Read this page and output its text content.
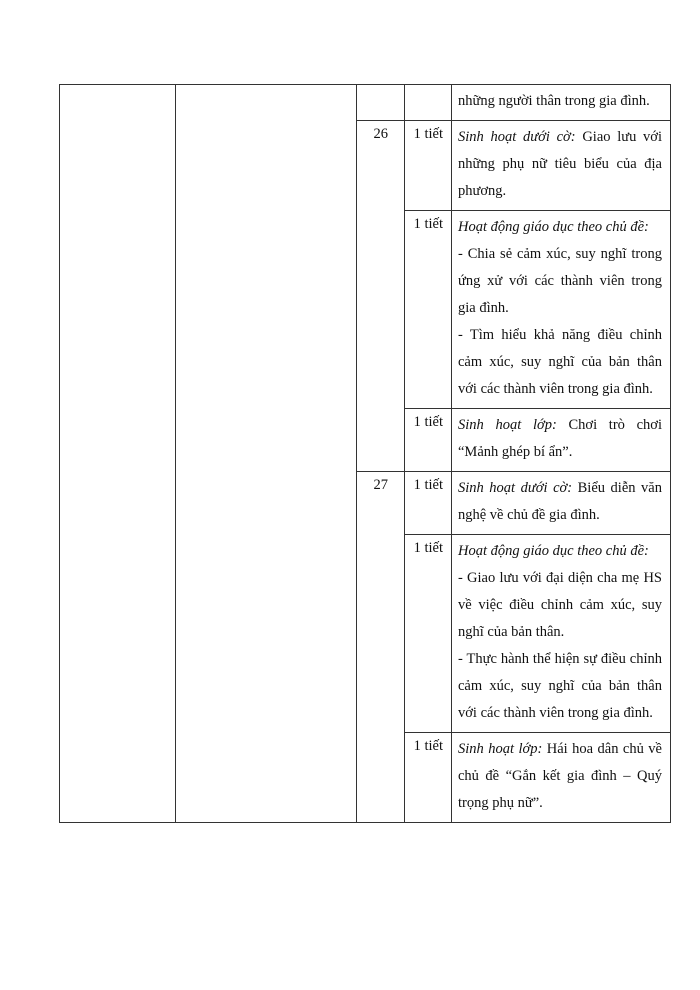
				những người thân trong gia đình.

		26	1 tiết	Sinh hoạt dưới cờ: Giao lưu với những phụ nữ tiêu biểu của địa phương.

			1 tiết	Hoạt động giáo dục theo chủ đề:

- Chia sẻ cảm xúc, suy nghĩ trong ứng xử với các thành viên trong gia đình.

- Tìm hiểu khả năng điều chỉnh cảm xúc, suy nghĩ của bản thân với các thành viên trong gia đình.

			1 tiết	Sinh hoạt lớp: Chơi trò chơi “Mảnh ghép bí ẩn”.

		27	1 tiết	Sinh hoạt dưới cờ: Biểu diễn văn nghệ về chủ đề gia đình.

			1 tiết	Hoạt động giáo dục theo chủ đề:

- Giao lưu với đại diện cha mẹ HS về việc điều chỉnh cảm xúc, suy nghĩ của bản thân.

- Thực hành thể hiện sự điều chỉnh cảm xúc, suy nghĩ của bản thân với các thành viên trong gia đình.

			1 tiết	Sinh hoạt lớp: Hái hoa dân chủ về chủ đề “Gắn kết gia đình – Quý trọng phụ nữ”.
